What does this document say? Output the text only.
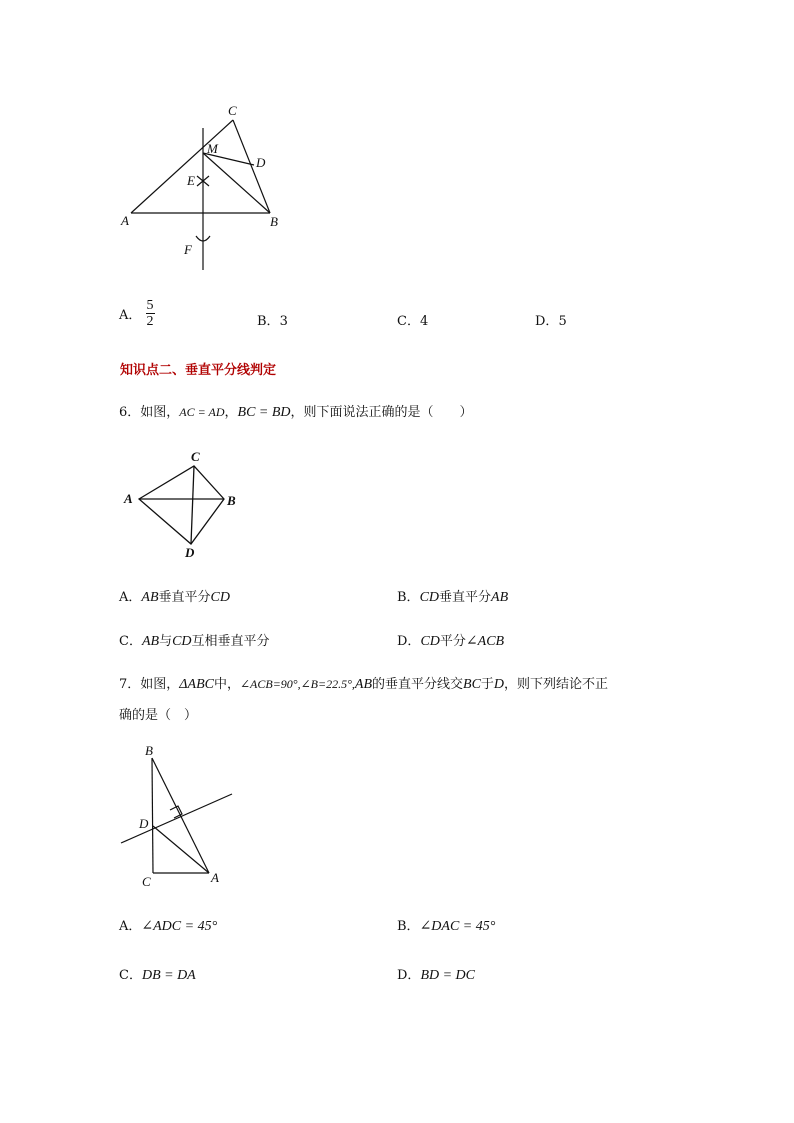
C
M
D
E
A	B
F
A． $\frac{5}{2}$	B．3	C．4	D．5
知识点二、垂直平分线判定
6．如图，AC = AD，BC = BD，则下面说法正确的是（　　）
C
A	B
D
A．AB垂直平分CD	B．CD垂直平分AB
C．AB与CD互相垂直平分	D．CD平分∠ACB
7．如图，ΔABC中，∠ACB=90°,∠B=22.5°,AB的垂直平分线交BC于D，则下列结论不正
确的是（　）
B
D
C	A
A．∠ADC = 45°	B．∠DAC = 45°
C．DB = DA	D．BD = DC
